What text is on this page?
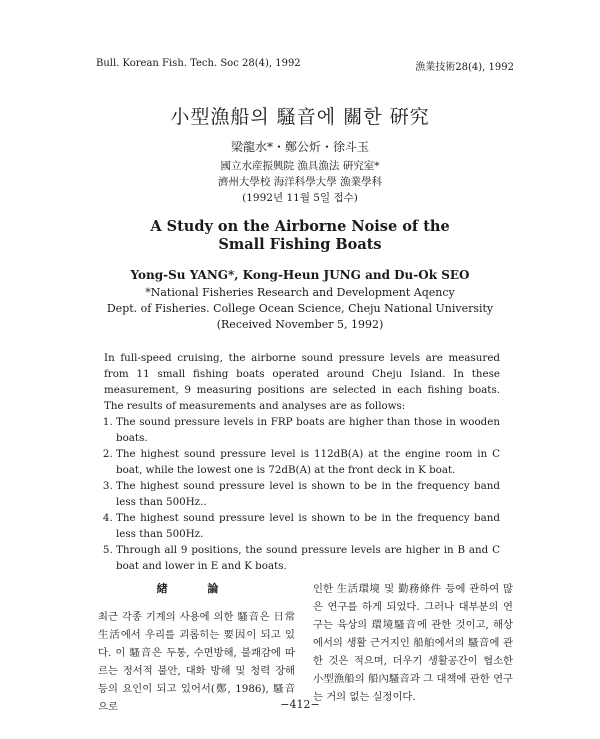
Bull. Korean Fish. Tech. Soc 28(4), 1992	漁業技術28(4), 1992
小型漁船의 騷音에 關한 硏究
梁龍水*・鄭公炘・徐斗玉
國立水産振興院 漁具漁法 硏究室*
濟州大學校 海洋科學大學 漁業學科
(1992년 11월 5일 접수)
A Study on the Airborne Noise of the
Small Fishing Boats
Yong-Su YANG*, Kong-Heun JUNG and Du-Ok SEO
*National Fisheries Research and Development Aqency
Dept. of Fisheries. College Ocean Science, Cheju National University
(Received November 5, 1992)

In full-speed cruising, the airborne sound pressure levels are measured from 11 small fishing boats operated around Cheju Island. In these measurement, 9 measuring positions are selected in each fishing boats. The results of measurements and analyses are as follows:

1. The sound pressure levels in FRP boats are higher than those in wooden boats.
2. The highest sound pressure level is 112dB(A) at the engine room in C boat, while the lowest one is 72dB(A) at the front deck in K boat.
3. The highest sound pressure level is shown to be in the frequency band less than 500Hz..
4. The highest sound pressure level is shown to be in the frequency band less than 500Hz.
5. Through all 9 positions, the sound pressure levels are higher in B and C boat and lower in E and K boats.
緖 論
최근 각종 기계의 사용에 의한 騷音은 日常生活에서 우리를 괴롭히는 要因이 되고 있다. 이 騷音은 두통, 수면방해, 불쾌감에 따르는 정서적 불안, 대화 방해 및 청력 장해 등의 요인이 되고 있어서(鄭, 1986), 騷音으로
인한 生活環境 및 勤務條件 등에 관하여 많은 연구를 하게 되었다. 그러나 대부분의 연구는 육상의 環境騷音에 관한 것이고, 해상에서의 생활 근거지인 船舶에서의 騷音에 관한 것은 적으며, 더우기 생활공간이 협소한 小型漁船의 船內騷音과 그 대책에 관한 연구는 거의 없는 실정이다.
−412−
